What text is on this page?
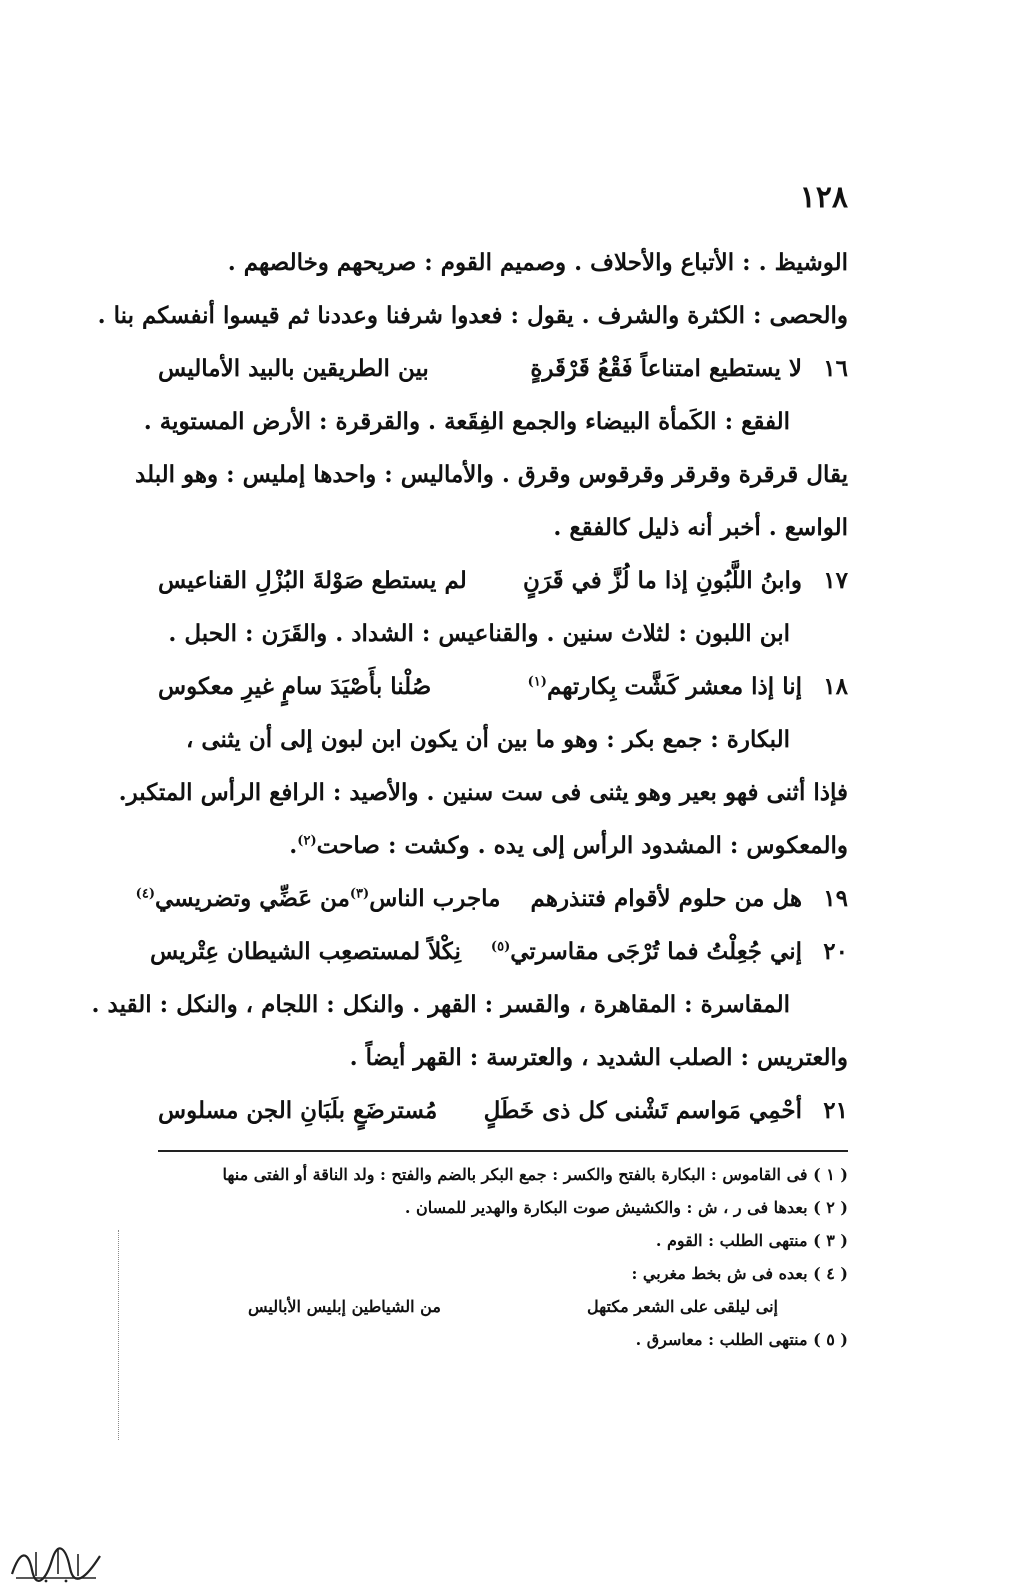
١٢٨
الوشيظ . : الأتباع والأحلاف . وصميم القوم : صريحهم وخالصهم .
والحصى : الكثرة والشرف . يقول : فعدوا شرفنا وعددنا ثم قيسوا أنفسكم بنا .
١٦
لا يستطيع امتناعاً فَقْعُ قَرْقَرةٍ
بين الطريقين بالبيد الأماليس
الفقع : الكَمأة البيضاء والجمع الفِقَعة . والقرقرة : الأرض المستوية .
يقال قرقرة وقرقر وقرقوس وقرق . والأماليس : واحدها إمليس : وهو البلد
الواسع . أخبر أنه ذليل كالفقع .
١٧
وابنُ اللَّبُونِ إذا ما لُزَّ في قَرَنٍ
لم يستطع صَوْلةَ البُزْلِ القناعيس
ابن اللبون : لثلاث سنين . والقناعيس : الشداد . والقَرَن : الحبل .
١٨
إنا إذا معشر كَشَّت بِكارتهم$^{(١)}$
صُلْنا بأَصْيَدَ سامٍ غيرِ معكوس
البكارة : جمع بكر : وهو ما بين أن يكون ابن لبون إلى أن يثنى ،
فإذا أثنى فهو بعير وهو يثنى فى ست سنين . والأصيد : الرافع الرأس المتكبر.
والمعكوس : المشدود الرأس إلى يده . وكشت : صاحت$^{(٢)}$.
١٩
هل من حلوم لأقوام فتنذرهم
ماجرب الناس$^{(٣)}$من عَضِّي وتضريسي$^{(٤)}$
٢٠
إني جُعِلْتُ فما تُرْجَى مقاسرتي$^{(٥)}$
نِكْلاً لمستصعِب الشيطان عِتْريس
المقاسرة : المقاهرة ، والقسر : القهر . والنكل : اللجام ، والنكل : القيد .
والعتريس : الصلب الشديد ، والعترسة : القهر أيضاً .
٢١
أحْمِي مَواسم تَشْنى كل ذى خَطَلٍ
مُسترضَعٍ بلَبَانِ الجن مسلوس
( ١ ) فى القاموس : البكارة بالفتح والكسر : جمع البكر بالضم والفتح : ولد الناقة أو الفتى منها
( ٢ ) بعدها فى ر ، ش : والكشيش صوت البكارة والهدير للمسان .
( ٣ ) منتهى الطلب : القوم .
( ٤ ) بعده فى ش بخط مغربي :
إنى ليلقى على الشعر مكتهل
من الشياطين إبليس الأباليس
( ٥ ) منتهى الطلب : معاسرق .
